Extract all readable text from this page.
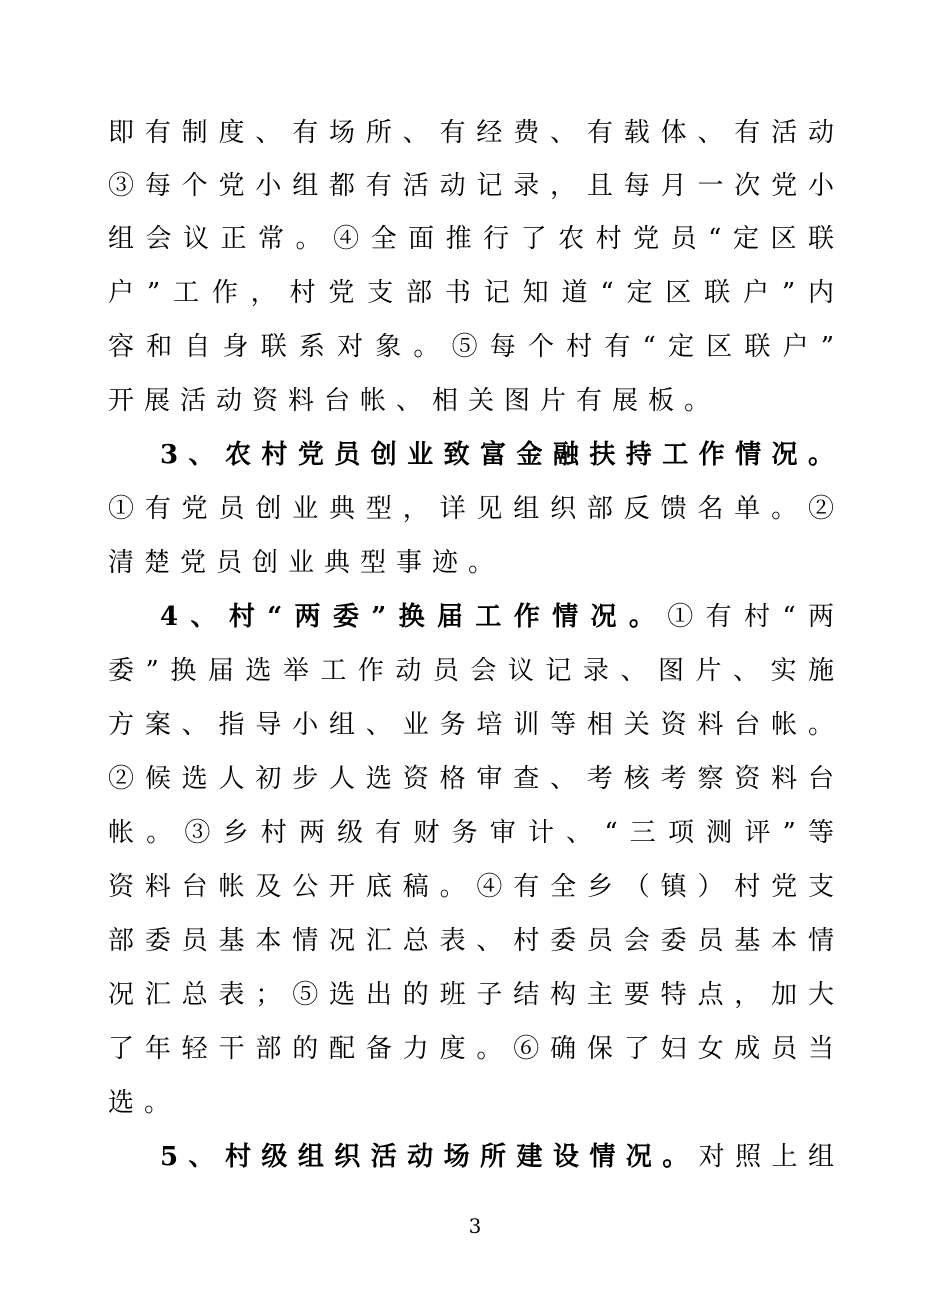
即有制度、有场所、有经费、有载体、有活动
③每个党小组都有活动记录，且每月一次党小
组会议正常。④全面推行了农村党员“定区联
户”工作，村党支部书记知道“定区联户”内
容和自身联系对象。⑤每个村有“定区联户”
开展活动资料台帐、相关图片有展板。
3、农村党员创业致富金融扶持工作情况。
①有党员创业典型，详见组织部反馈名单。②
清楚党员创业典型事迹。
4、村“两委”换届工作情况。①有村“两
委”换届选举工作动员会议记录、图片、实施
方案、指导小组、业务培训等相关资料台帐。
②候选人初步人选资格审查、考核考察资料台
帐。③乡村两级有财务审计、“三项测评”等
资料台帐及公开底稿。④有全乡（镇）村党支
部委员基本情况汇总表、村委员会委员基本情
况汇总表；⑤选出的班子结构主要特点，加大
了年轻干部的配备力度。⑥确保了妇女成员当
选。
5、村级组织活动场所建设情况。对照上组
3
